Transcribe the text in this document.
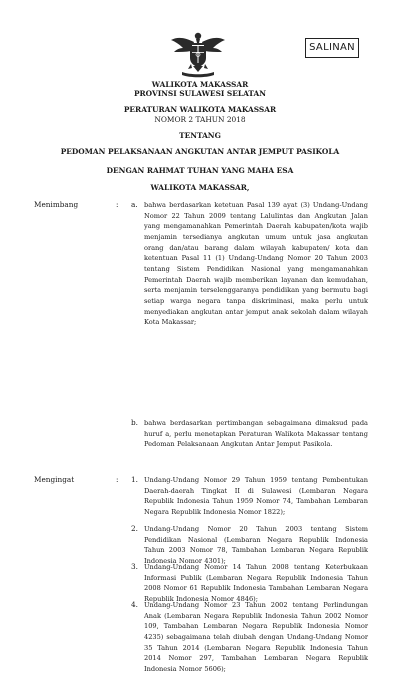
SALINAN
WALIKOTA MAKASSAR
PROVINSI SULAWESI SELATAN
PERATURAN WALIKOTA MAKASSAR
NOMOR 2 TAHUN 2018
TENTANG
PEDOMAN PELAKSANAAN ANGKUTAN ANTAR JEMPUT PASIKOLA
DENGAN RAHMAT TUHAN YANG MAHA ESA
WALIKOTA MAKASSAR,
Menimbang	: a. bahwa berdasarkan ketetuan Pasal 139 ayat (3) Undang-Undang Nomor 22 Tahun 2009 tentang Lalulintas dan Angkutan Jalan yang mengamanahkan Pemerintah Daerah kabupaten/kota wajib menjamin tersedianya angkutan umum untuk jasa angkutan orang dan/atau barang dalam wilayah kabupaten/ kota dan ketentuan Pasal 11 (1) Undang-Undang Nomor 20 Tahun 2003 tentang Sistem Pendidikan Nasional yang mengamanahkan Pemerintah Daerah wajib memberikan layanan dan kemudahan, serta menjamin terselenggaranya pendidikan yang bermutu bagi setiap warga negara tanpa diskriminasi, maka perlu untuk menyediakan angkutan antar jemput anak sekolah dalam wilayah Kota Makassar;
b. bahwa berdasarkan pertimbangan sebagaimana dimaksud pada huruf a, perlu menetapkan Peraturan Walikota Makassar tentang Pedoman Pelaksanaan Angkutan Antar Jemput Pasikola.
Mengingat	: 1. Undang-Undang Nomor 29 Tahun 1959 tentang Pembentukan Daerah-daerah Tingkat II di Sulawesi (Lembaran Negara Republik Indonesia Tahun 1959 Nomor 74, Tambahan Lembaran Negara Republik Indonesia Nomor 1822);
2. Undang-Undang Nomor 20 Tahun 2003 tentang Sistem Pendidikan Nasional (Lembaran Negara Republik Indonesia Tahun 2003 Nomor 78, Tambahan Lembaran Negara Republik Indonesia Nomor 4301);
3. Undang-Undang Nomor 14 Tahun 2008 tentang Keterbukaan Informasi Publik (Lembaran Negara Republik Indonesia Tahun 2008 Nomor 61 Republik Indonesia Tambahan Lembaran Negara Republik Indonesia Nomor 4846);
4. Undang-Undang Nomor 23 Tahun 2002 tentang Perlindungan Anak (Lembaran Negara Republik Indonesia Tahun 2002 Nomor 109, Tambahan Lembaran Negara Republik Indonesia Nomor 4235) sebagaimana telah diubah dengan Undang-Undang Nomor 35 Tahun 2014 (Lembaran Negara Republik Indonesia Tahun 2014 Nomor 297, Tambahan Lembaran Negara Republik Indonesia Nomor 5606);
